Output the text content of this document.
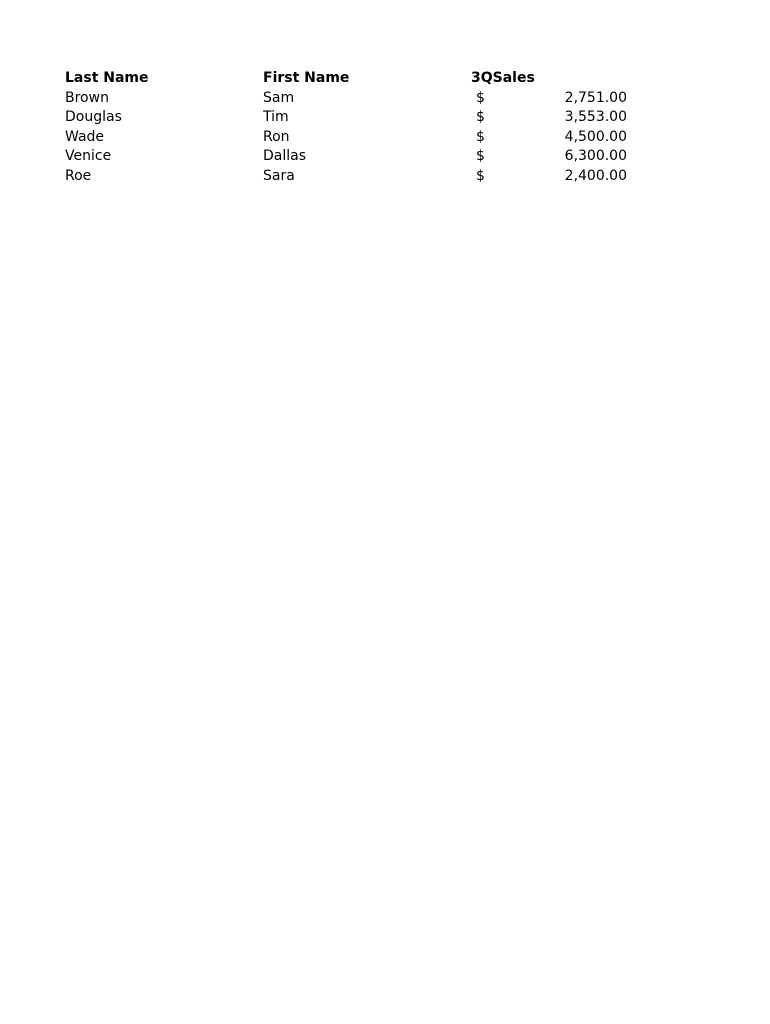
Last Name	First Name	3QSales
Brown	Sam	$	2,751.00
Douglas	Tim	$	3,553.00
Wade	Ron	$	4,500.00
Venice	Dallas	$	6,300.00
Roe	Sara	$	2,400.00
